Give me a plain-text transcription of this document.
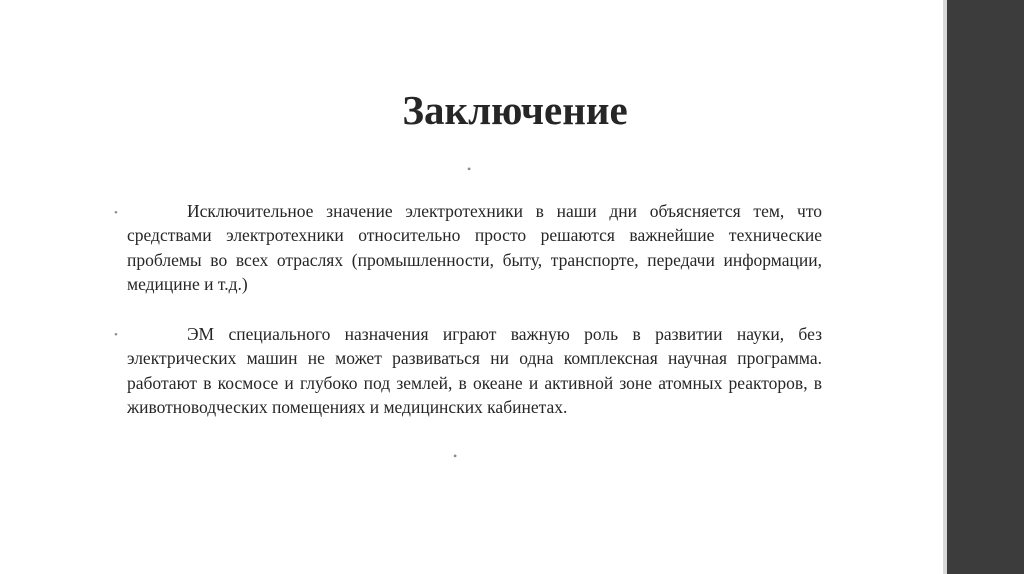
Заключение
•
•	Исключительное значение электротехники в наши дни объясняется тем, что средствами электротехники относительно просто решаются важнейшие технические проблемы во всех отраслях (промышленности, быту, транспорте, передачи информации, медицине и т.д.)
•	ЭМ специального назначения играют важную роль в развитии науки, без электрических машин не может развиваться ни одна комплексная научная программа. работают в космосе и глубоко под землей, в океане и активной зоне атомных реакторов, в животноводческих помещениях и медицинских кабинетах.
•
